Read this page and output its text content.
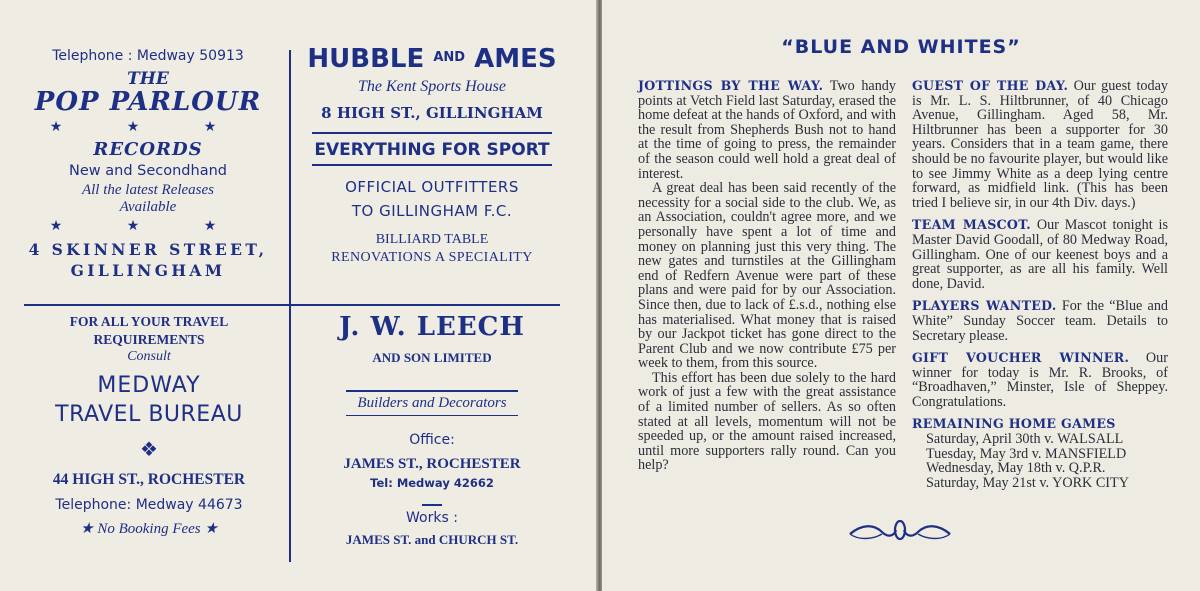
Telephone : Medway 50913
THE
POP PARLOUR
★ ★ ★
RECORDS
New and Secondhand
All the latest Releases
Available
★ ★ ★
4 SKINNER STREET,
GILLINGHAM
HUBBLE $^{AND}$ AMES
The Kent Sports House
8 HIGH ST., GILLINGHAM
EVERYTHING FOR SPORT
OFFICIAL OUTFITTERS
TO GILLINGHAM F.C.
BILLIARD TABLE
RENOVATIONS A SPECIALITY
FOR ALL YOUR TRAVEL
REQUIREMENTS
Consult
MEDWAY
TRAVEL BUREAU
❖
44 HIGH ST., ROCHESTER
Telephone: Medway 44673
★ No Booking Fees ★
J. W. LEECH
AND SON LIMITED
Builders and Decorators
Office:
JAMES ST., ROCHESTER
Tel: Medway 42662
Works :
JAMES ST. and CHURCH ST.
“BLUE AND WHITES”

JOTTINGS BY THE WAY. Two handy points at Vetch Field last Saturday, erased the home defeat at the hands of Oxford, and with the result from Shepherds Bush not to hand at the time of going to press, the remainder of the season could well hold a great deal of interest.

A great deal has been said recently of the necessity for a social side to the club. We, as an Association, couldn't agree more, and we personally have spent a lot of time and money on planning just this very thing. The new gates and turnstiles at the Gillingham end of Redfern Avenue were part of these plans and were paid for by our Association. Since then, due to lack of £.s.d., nothing else has materialised. What money that is raised by our Jackpot ticket has gone direct to the Parent Club and we now contribute £75 per week to them, from this source.

This effort has been due solely to the hard work of just a few with the great assistance of a limited number of sellers. As so often stated at all levels, momentum will not be speeded up, or the amount raised increased, until more supporters rally round. Can you help?

GUEST OF THE DAY. Our guest today is Mr. L. S. Hiltbrunner, of 40 Chicago Avenue, Gillingham. Aged 58, Mr. Hiltbrunner has been a supporter for 30 years. Considers that in a team game, there should be no favourite player, but would like to see Jimmy White as a deep lying centre forward, as midfield link. (This has been tried I believe sir, in our 4th Div. days.)
TEAM MASCOT. Our Mascot tonight is Master David Goodall, of 80 Medway Road, Gillingham. One of our keenest boys and a great supporter, as are all his family. Well done, David.
PLAYERS WANTED. For the “Blue and White” Sunday Soccer team. Details to Secretary please.
GIFT VOUCHER WINNER. Our winner for today is Mr. R. Brooks, of “Broadhaven,” Minster, Isle of Sheppey. Congratulations.
REMAINING HOME GAMES
Saturday, April 30th v. WALSALL
Tuesday, May 3rd v. MANSFIELD
Wednesday, May 18th v. Q.P.R.
Saturday, May 21st v. YORK CITY
